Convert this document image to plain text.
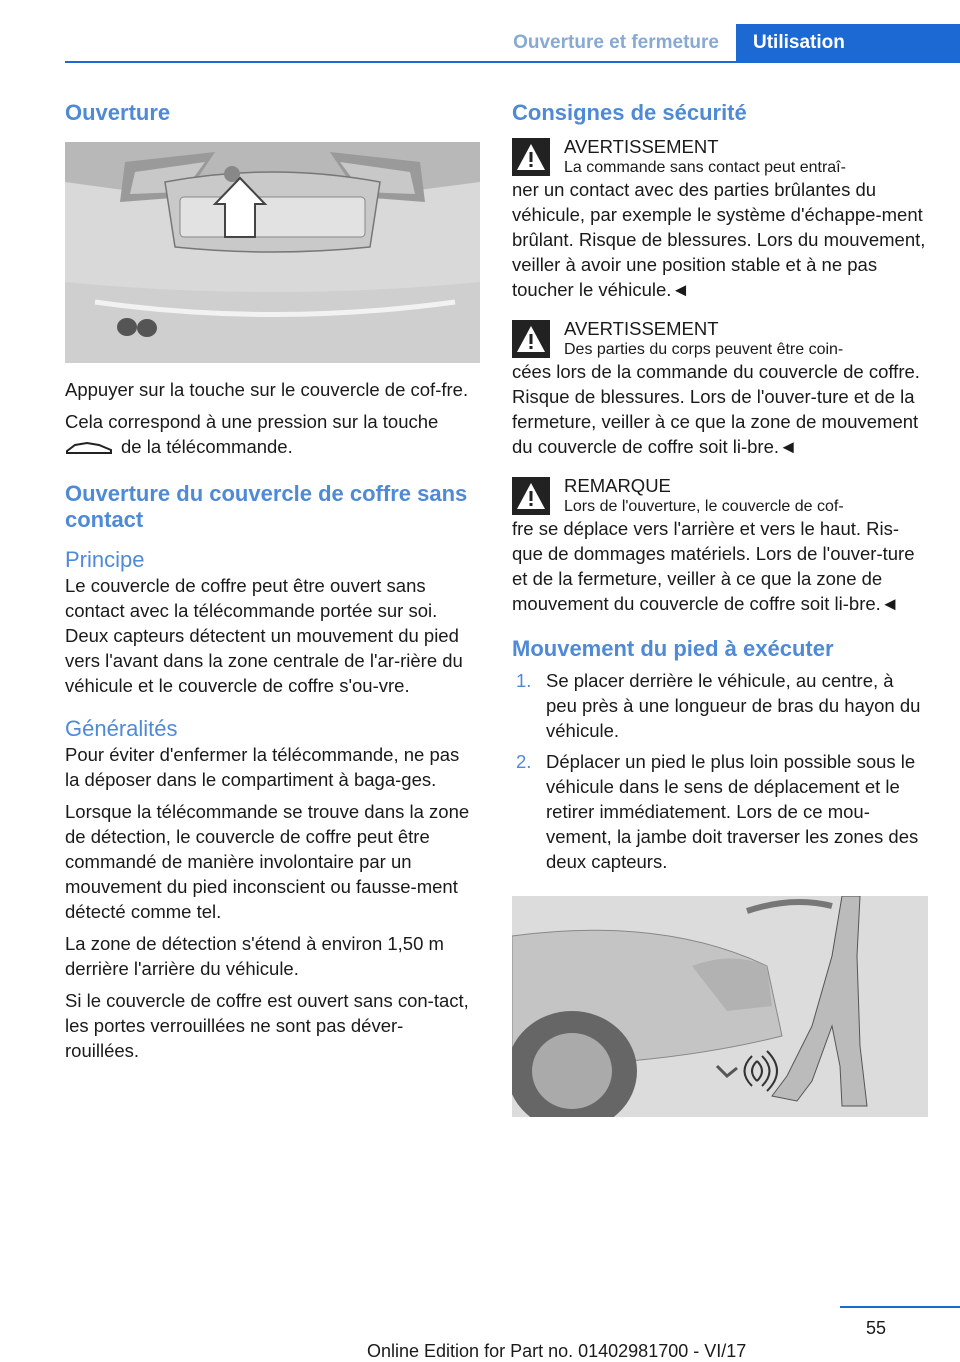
Ouverture et fermeture	Utilisation
Ouverture

Appuyer sur la touche sur le couvercle de cof-fre.

Cela correspond à une pression sur la touche
de la télécommande.

Ouverture du couvercle de coffre sans contact
Principe

Le couvercle de coffre peut être ouvert sans contact avec la télécommande portée sur soi. Deux capteurs détectent un mouvement du pied vers l'avant dans la zone centrale de l'ar-rière du véhicule et le couvercle de coffre s'ou-vre.

Généralités

Pour éviter d'enfermer la télécommande, ne pas la déposer dans le compartiment à baga-ges.

Lorsque la télécommande se trouve dans la zone de détection, le couvercle de coffre peut être commandé de manière involontaire par un mouvement du pied inconscient ou fausse-ment détecté comme tel.

La zone de détection s'étend à environ 1,50 m derrière l'arrière du véhicule.

Si le couvercle de coffre est ouvert sans con-tact, les portes verrouillées ne sont pas déver-rouillées.

Consignes de sécurité
AVERTISSEMENT
La commande sans contact peut entraî-
ner un contact avec des parties brûlantes du véhicule, par exemple le système d'échappe-ment brûlant. Risque de blessures. Lors du mouvement, veiller à avoir une position stable et à ne pas toucher le véhicule.◄
AVERTISSEMENT
Des parties du corps peuvent être coin-
cées lors de la commande du couvercle de coffre. Risque de blessures. Lors de l'ouver-ture et de la fermeture, veiller à ce que la zone de mouvement du couvercle de coffre soit li-bre.◄
REMARQUE
Lors de l'ouverture, le couvercle de cof-
fre se déplace vers l'arrière et vers le haut. Ris-que de dommages matériels. Lors de l'ouver-ture et de la fermeture, veiller à ce que la zone de mouvement du couvercle de coffre soit li-bre.◄
Mouvement du pied à exécuter
1. Se placer derrière le véhicule, au centre, à peu près à une longueur de bras du hayon du véhicule.
2. Déplacer un pied le plus loin possible sous le véhicule dans le sens de déplacement et le retirer immédiatement. Lors de ce mou-vement, la jambe doit traverser les zones des deux capteurs.
55
Online Edition for Part no. 01402981700 - VI/17
